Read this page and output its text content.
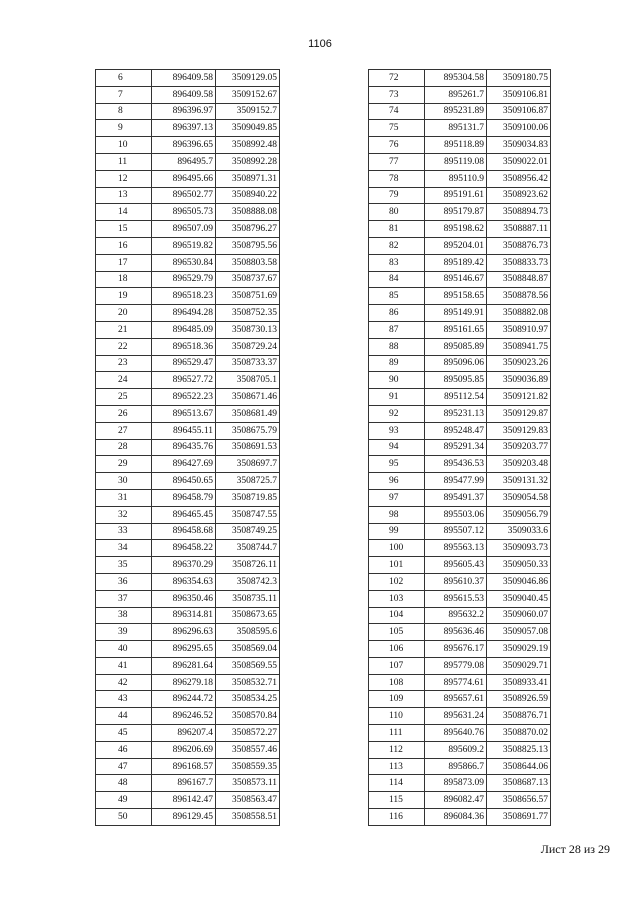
1106
6	896409.58	3509129.05
7	896409.58	3509152.67
8	896396.97	3509152.7
9	896397.13	3509049.85
10	896396.65	3508992.48
11	896495.7	3508992.28
12	896495.66	3508971.31
13	896502.77	3508940.22
14	896505.73	3508888.08
15	896507.09	3508796.27
16	896519.82	3508795.56
17	896530.84	3508803.58
18	896529.79	3508737.67
19	896518.23	3508751.69
20	896494.28	3508752.35
21	896485.09	3508730.13
22	896518.36	3508729.24
23	896529.47	3508733.37
24	896527.72	3508705.1
25	896522.23	3508671.46
26	896513.67	3508681.49
27	896455.11	3508675.79
28	896435.76	3508691.53
29	896427.69	3508697.7
30	896450.65	3508725.7
31	896458.79	3508719.85
32	896465.45	3508747.55
33	896458.68	3508749.25
34	896458.22	3508744.7
35	896370.29	3508726.11
36	896354.63	3508742.3
37	896350.46	3508735.11
38	896314.81	3508673.65
39	896296.63	3508595.6
40	896295.65	3508569.04
41	896281.64	3508569.55
42	896279.18	3508532.71
43	896244.72	3508534.25
44	896246.52	3508570.84
45	896207.4	3508572.27
46	896206.69	3508557.46
47	896168.57	3508559.35
48	896167.7	3508573.11
49	896142.47	3508563.47
50	896129.45	3508558.51
72	895304.58	3509180.75
73	895261.7	3509106.81
74	895231.89	3509106.87
75	895131.7	3509100.06
76	895118.89	3509034.83
77	895119.08	3509022.01
78	895110.9	3508956.42
79	895191.61	3508923.62
80	895179.87	3508894.73
81	895198.62	3508887.11
82	895204.01	3508876.73
83	895189.42	3508833.73
84	895146.67	3508848.87
85	895158.65	3508878.56
86	895149.91	3508882.08
87	895161.65	3508910.97
88	895085.89	3508941.75
89	895096.06	3509023.26
90	895095.85	3509036.89
91	895112.54	3509121.82
92	895231.13	3509129.87
93	895248.47	3509129.83
94	895291.34	3509203.77
95	895436.53	3509203.48
96	895477.99	3509131.32
97	895491.37	3509054.58
98	895503.06	3509056.79
99	895507.12	3509033.6
100	895563.13	3509093.73
101	895605.43	3509050.33
102	895610.37	3509046.86
103	895615.53	3509040.45
104	895632.2	3509060.07
105	895636.46	3509057.08
106	895676.17	3509029.19
107	895779.08	3509029.71
108	895774.61	3508933.41
109	895657.61	3508926.59
110	895631.24	3508876.71
111	895640.76	3508870.02
112	895609.2	3508825.13
113	895866.7	3508644.06
114	895873.09	3508687.13
115	896082.47	3508656.57
116	896084.36	3508691.77
Лист 28 из 29
